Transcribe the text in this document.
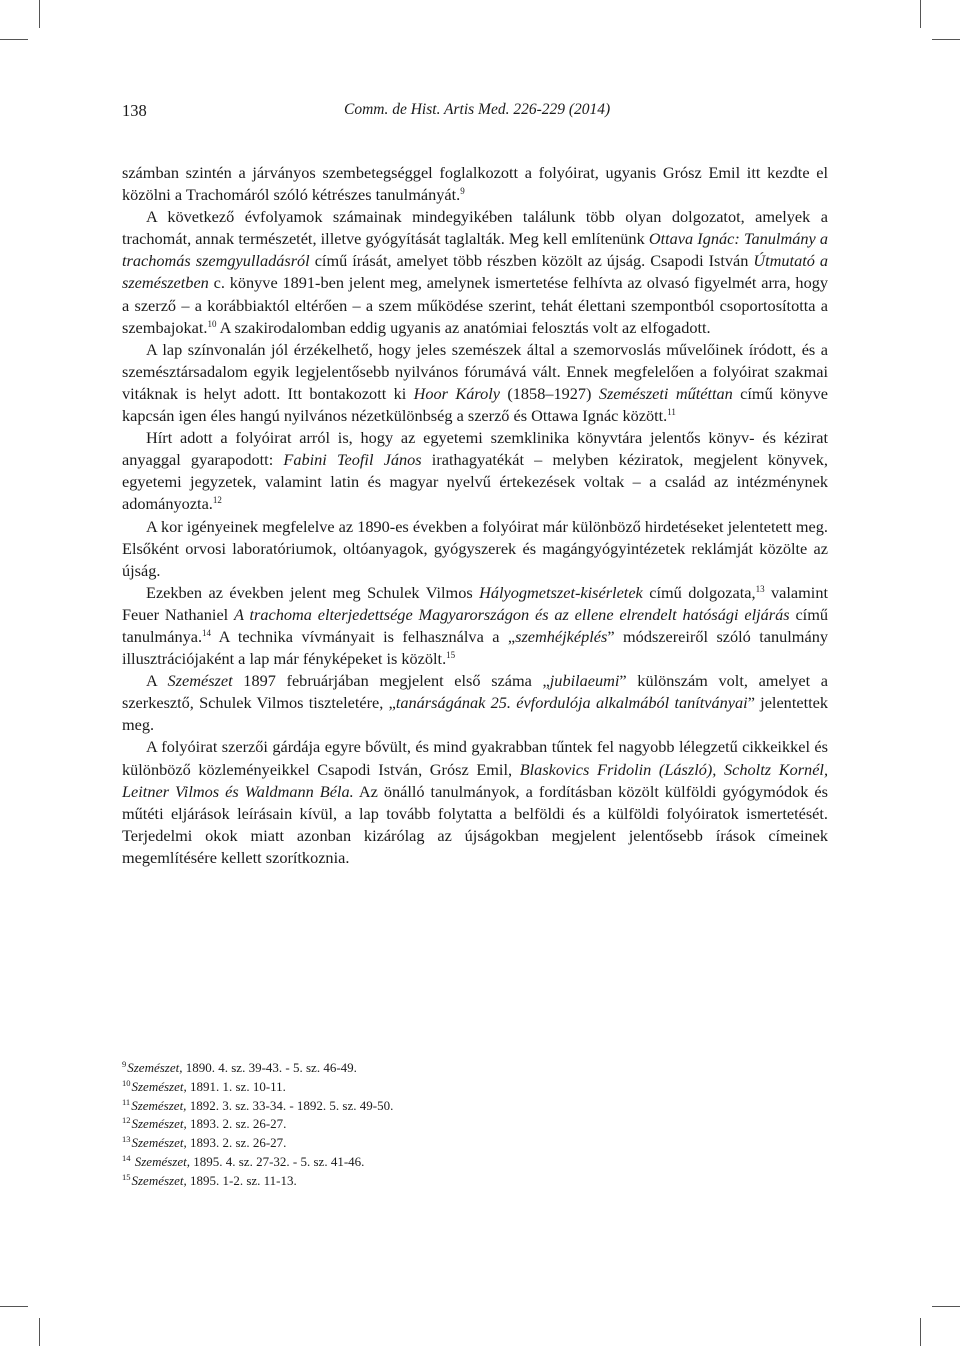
138	Comm. de Hist. Artis Med. 226-229 (2014)

számban szintén a járványos szembetegséggel foglalkozott a folyóirat, ugyanis Grósz Emil itt kezdte el közölni a Trachomáról szóló kétrészes tanulmányát.$^9$

A következő évfolyamok számainak mindegyikében találunk több olyan dolgozatot, amelyek a trachomát, annak természetét, illetve gyógyítását taglalták. Meg kell említenünk Ottava Ignác: Tanulmány a trachomás szemgyulladásról című írását, amelyet több részben közölt az újság. Csapodi István Útmutató a szemészetben c. könyve 1891-ben jelent meg, amelynek ismertetése felhívta az olvasó figyelmét arra, hogy a szerző – a korábbiaktól eltérően – a szem működése szerint, tehát élettani szempontból csoportosította a szembajokat.$^{10}$ A szakirodalomban eddig ugyanis az anatómiai felosztás volt az elfogadott.

A lap színvonalán jól érzékelhető, hogy jeles szemészek által a szemorvoslás művelőinek íródott, és a szemésztársadalom egyik legjelentősebb nyilvános fórumává vált. Ennek megfelelően a folyóirat szakmai vitáknak is helyt adott. Itt bontakozott ki Hoor Károly (1858–1927) Szemészeti műtéttan című könyve kapcsán igen éles hangú nyilvános nézetkülönbség a szerző és Ottawa Ignác között.$^{11}$

Hírt adott a folyóirat arról is, hogy az egyetemi szemklinika könyvtára jelentős könyv- és kézirat anyaggal gyarapodott: Fabini Teofil János irathagyatékát – melyben kéziratok, megjelent könyvek, egyetemi jegyzetek, valamint latin és magyar nyelvű értekezések voltak – a család az intézménynek adományozta.$^{12}$

A kor igényeinek megfelelve az 1890-es években a folyóirat már különböző hirdetéseket jelentetett meg. Elsőként orvosi laboratóriumok, oltóanyagok, gyógyszerek és magángyógyintézetek reklámját közölte az újság.

Ezekben az években jelent meg Schulek Vilmos Hályogmetszet-kisérletek című dolgozata,$^{13}$ valamint Feuer Nathaniel A trachoma elterjedettsége Magyarországon és az ellene elrendelt hatósági eljárás című tanulmánya.$^{14}$ A technika vívmányait is felhasználva a „szemhéjképlés” módszereiről szóló tanulmány illusztrációjaként a lap már fényképeket is közölt.$^{15}$

A Szemészet 1897 februárjában megjelent első száma „jubilaeumi” különszám volt, amelyet a szerkesztő, Schulek Vilmos tiszteletére, „tanárságának 25. évfordulója alkalmából tanítványai” jelentettek meg.

A folyóirat szerzői gárdája egyre bővült, és mind gyakrabban tűntek fel nagyobb lélegzetű cikkeikkel és különböző közleményeikkel Csapodi István, Grósz Emil, Blaskovics Fridolin (László), Scholtz Kornél, Leitner Vilmos és Waldmann Béla. Az önálló tanulmányok, a fordításban közölt külföldi gyógymódok és műtéti eljárások leírásain kívül, a lap tovább folytatta a belföldi és a külföldi folyóiratok ismertetését. Terjedelmi okok miatt azonban kizárólag az újságokban megjelent jelentősebb írások címeinek megemlítésére kellett szorítkoznia.

$^9$Szemészet, 1890. 4. sz. 39-43. - 5. sz. 46-49.
$^{10}$Szemészet, 1891. 1. sz. 10-11.
$^{11}$Szemészet, 1892. 3. sz. 33-34. - 1892. 5. sz. 49-50.
$^{12}$Szemészet, 1893. 2. sz. 26-27.
$^{13}$Szemészet, 1893. 2. sz. 26-27.
$^{14}$ Szemészet, 1895. 4. sz. 27-32. - 5. sz. 41-46.
$^{15}$Szemészet, 1895. 1-2. sz. 11-13.
